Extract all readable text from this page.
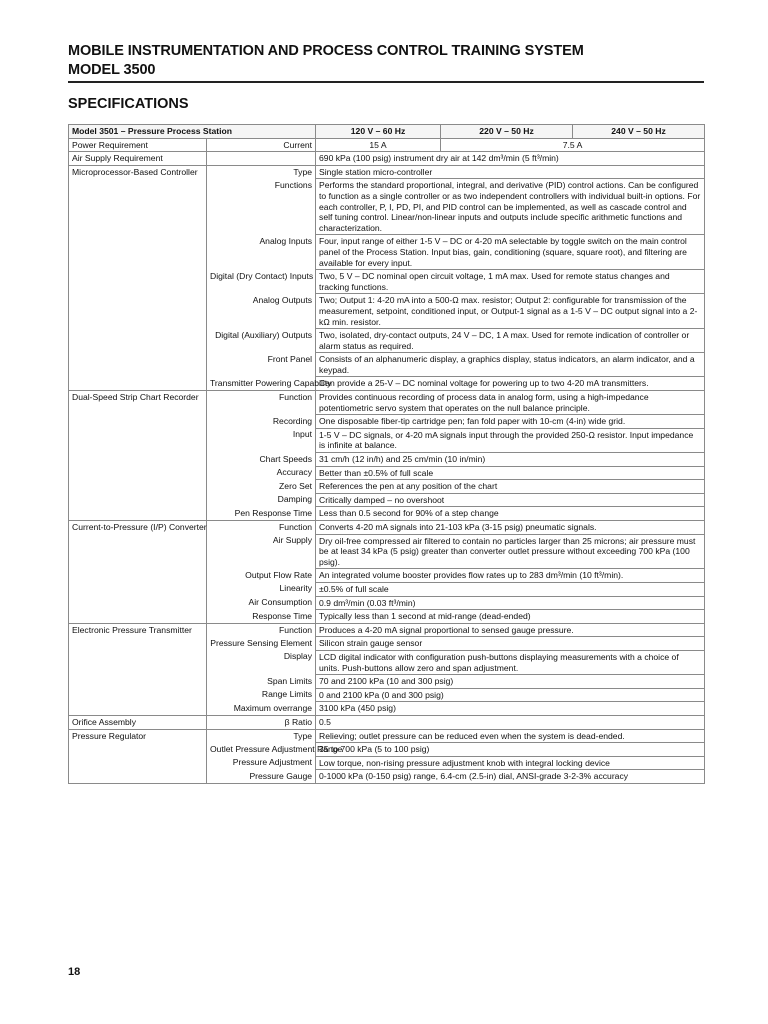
MOBILE INSTRUMENTATION AND PROCESS CONTROL TRAINING SYSTEM
MODEL 3500
SPECIFICATIONS
Model 3501 – Pressure Process Station		120 V – 60 Hz	220 V – 50 Hz	240 V – 50 Hz
Power Requirement	Current	15 A	7.5 A	
Air Supply Requirement		690 kPa (100 psig) instrument dry air at 142 dm³/min (5 ft³/min)		
Microprocessor-Based Controller	Type	Single station micro-controller		
	Functions	Performs the standard proportional, integral, and derivative (PID) control actions. Can be configured to function as a single controller or as two independent controllers with individual built-in options. For each controller, P, I, PD, PI, and PID control can be implemented, as well as cascade control and self tuning control. Linear/non-linear inputs and outputs include specific arithmetic functions and characterization.		
	Analog Inputs	Four, input range of either 1-5 V – DC or 4-20 mA selectable by toggle switch on the main control panel of the Process Station. Input bias, gain, conditioning (square, square root), and filtering are available for every input.		
	Digital (Dry Contact) Inputs	Two, 5 V – DC nominal open circuit voltage, 1 mA max. Used for remote status changes and tracking functions.		
	Analog Outputs	Two; Output 1: 4-20 mA into a 500-Ω max. resistor; Output 2: configurable for transmission of the measurement, setpoint, conditioned input, or Output-1 signal as a 1-5 V – DC output signal into a 2-kΩ min. resistor.		
	Digital (Auxiliary) Outputs	Two, isolated, dry-contact outputs, 24 V – DC, 1 A max. Used for remote indication of controller or alarm status as required.		
	Front Panel	Consists of an alphanumeric display, a graphics display, status indicators, an alarm indicator, and a keypad.		
	Transmitter Powering Capability	Can provide a 25-V – DC nominal voltage for powering up to two 4-20 mA transmitters.		
Dual-Speed Strip Chart Recorder	Function	Provides continuous recording of process data in analog form, using a high-impedance potentiometric servo system that operates on the null balance principle.		
	Recording	One disposable fiber-tip cartridge pen; fan fold paper with 10-cm (4-in) wide grid.		
	Input	1-5 V – DC signals, or 4-20 mA signals input through the provided 250-Ω resistor. Input impedance is infinite at balance.		
	Chart Speeds	31 cm/h (12 in/h) and 25 cm/min (10 in/min)		
	Accuracy	Better than ±0.5% of full scale		
	Zero Set	References the pen at any position of the chart		
	Damping	Critically damped – no overshoot		
	Pen Response Time	Less than 0.5 second for 90% of a step change		
Current-to-Pressure (I/P) Converter	Function	Converts 4-20 mA signals into 21-103 kPa (3-15 psig) pneumatic signals.		
	Air Supply	Dry oil-free compressed air filtered to contain no particles larger than 25 microns; air pressure must be at least 34 kPa (5 psig) greater than converter outlet pressure without exceeding 700 kPa (100 psig).		
	Output Flow Rate	An integrated volume booster provides flow rates up to 283 dm³/min (10 ft³/min).		
	Linearity	±0.5% of full scale		
	Air Consumption	0.9 dm³/min (0.03 ft³/min)		
	Response Time	Typically less than 1 second at mid-range (dead-ended)		
Electronic Pressure Transmitter	Function	Produces a 4-20 mA signal proportional to sensed gauge pressure.		
	Pressure Sensing Element	Silicon strain gauge sensor		
	Display	LCD digital indicator with configuration push-buttons displaying measurements with a choice of units. Push-buttons allow zero and span adjustment.		
	Span Limits	70 and 2100 kPa (10 and 300 psig)		
	Range Limits	0 and 2100 kPa (0 and 300 psig)		
	Maximum overrange	3100 kPa (450 psig)		
Orifice Assembly	β Ratio	0.5		
Pressure Regulator	Type	Relieving; outlet pressure can be reduced even when the system is dead-ended.		
	Outlet Pressure Adjustment Range	35 to 700 kPa (5 to 100 psig)		
	Pressure Adjustment	Low torque, non-rising pressure adjustment knob with integral locking device		
	Pressure Gauge	0-1000 kPa (0-150 psig) range, 6.4-cm (2.5-in) dial, ANSI-grade 3-2-3% accuracy		
18
